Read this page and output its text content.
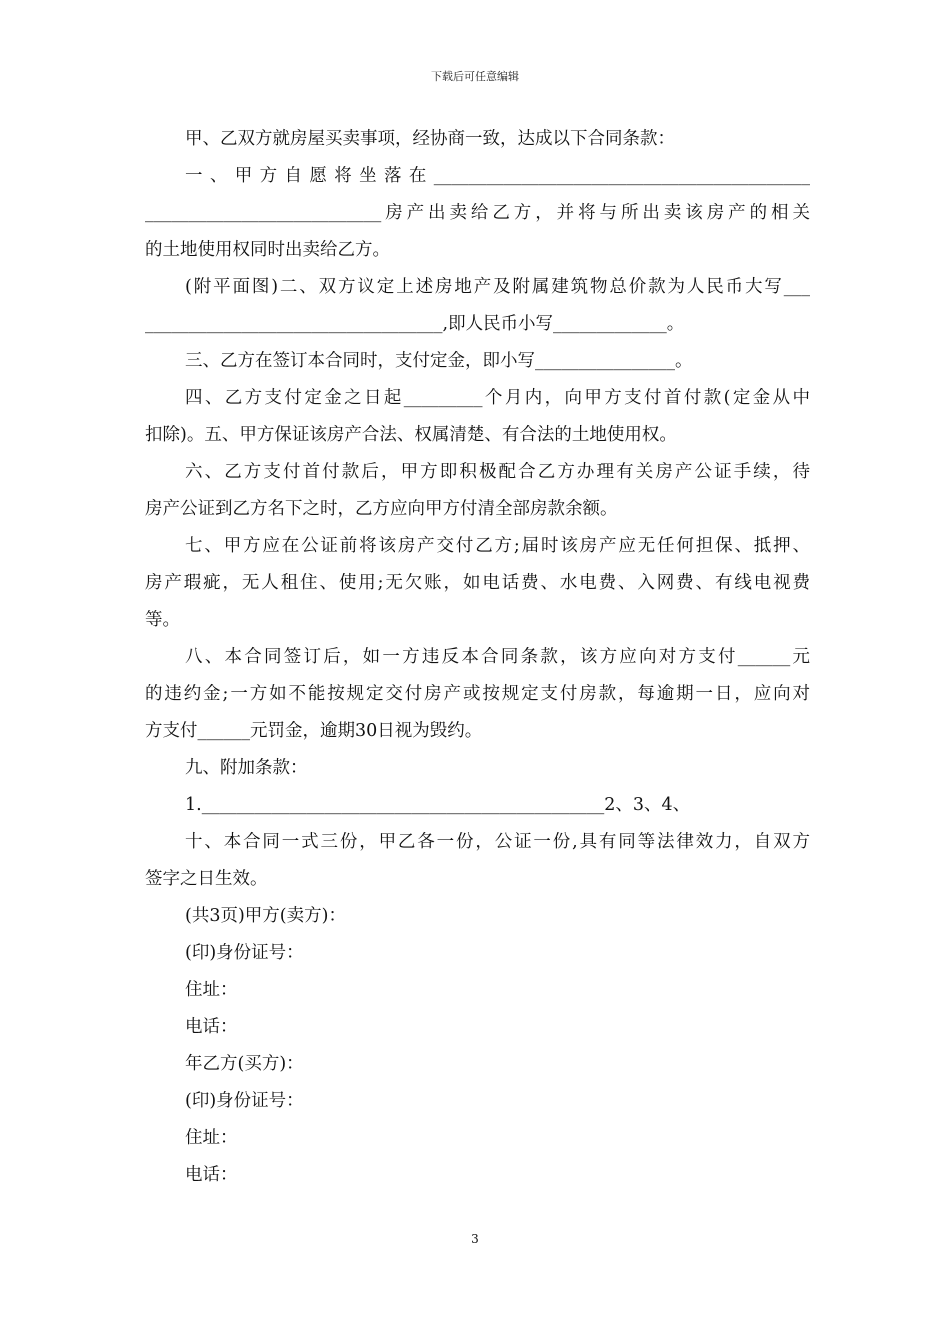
下载后可任意编辑
甲、乙双方就房屋买卖事项，经协商一致，达成以下合同条款：
一、甲方自愿将坐落在___________________________________________
___________________________房产出卖给乙方，并将与所出卖该房产的相关
的土地使用权同时出卖给乙方。
(附平面图)二、双方议定上述房地产及附属建筑物总价款为人民币大写___
__________________________________,即人民币小写_____________。
三、乙方在签订本合同时，支付定金，即小写________________。
四、乙方支付定金之日起_________个月内，向甲方支付首付款(定金从中
扣除)。五、甲方保证该房产合法、权属清楚、有合法的土地使用权。
六、乙方支付首付款后，甲方即积极配合乙方办理有关房产公证手续，待
房产公证到乙方名下之时，乙方应向甲方付清全部房款余额。
七、甲方应在公证前将该房产交付乙方;届时该房产应无任何担保、抵押、
房产瑕疵，无人租住、使用;无欠账，如电话费、水电费、入网费、有线电视费
等。
八、本合同签订后，如一方违反本合同条款，该方应向对方支付______元
的违约金;一方如不能按规定交付房产或按规定支付房款，每逾期一日，应向对
方支付______元罚金，逾期30日视为毁约。
九、附加条款：
1.______________________________________________2、3、4、
十、本合同一式三份，甲乙各一份，公证一份,具有同等法律效力，自双方
签字之日生效。
(共3页)甲方(卖方)：
(印)身份证号：
住址：
电话：
年乙方(买方)：
(印)身份证号：
住址：
电话：
3
